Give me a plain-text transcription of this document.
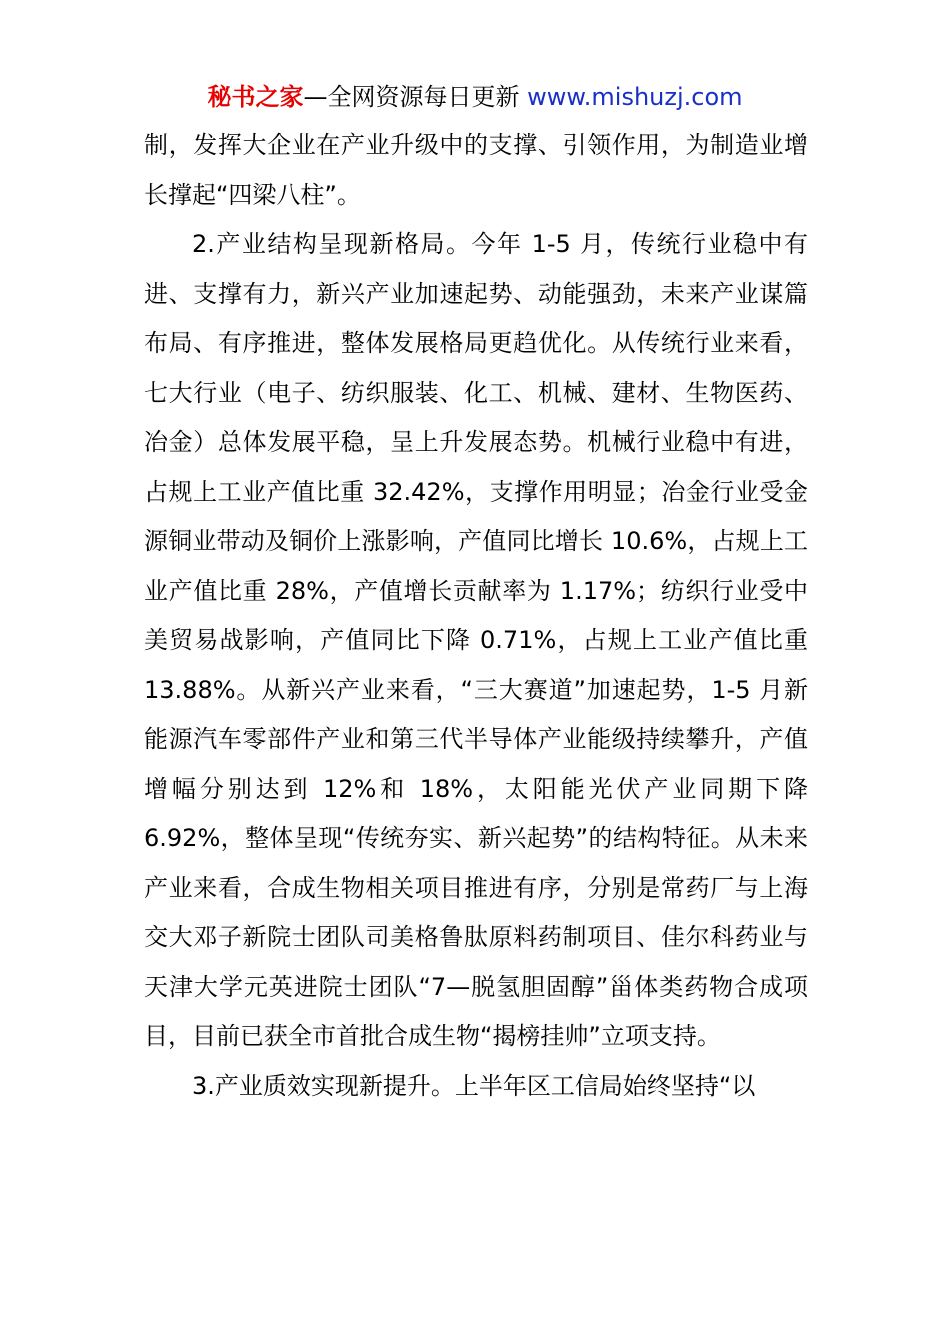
秘书之家—全网资源每日更新 www.mishuzj.com

制，发挥大企业在产业升级中的支撑、引领作用，为制造业增长撑起“四梁八柱”。

2.产业结构呈现新格局。今年 1-5 月，传统行业稳中有进、支撑有力，新兴产业加速起势、动能强劲，未来产业谋篇布局、有序推进，整体发展格局更趋优化。从传统行业来看，七大行业（电子、纺织服装、化工、机械、建材、生物医药、冶金）总体发展平稳，呈上升发展态势。机械行业稳中有进，占规上工业产值比重 32.42%，支撑作用明显；冶金行业受金源铜业带动及铜价上涨影响，产值同比增长 10.6%，占规上工业产值比重 28%，产值增长贡献率为 1.17%；纺织行业受中美贸易战影响，产值同比下降 0.71%，占规上工业产值比重 13.88%。从新兴产业来看，“三大赛道”加速起势，1-5 月新能源汽车零部件产业和第三代半导体产业能级持续攀升，产值增幅分别达到 12%和 18%，太阳能光伏产业同期下降 6.92%，整体呈现“传统夯实、新兴起势”的结构特征。从未来产业来看，合成生物相关项目推进有序，分别是常药厂与上海交大邓子新院士团队司美格鲁肽原料药制项目、佳尔科药业与天津大学元英进院士团队“7—脱氢胆固醇”甾体类药物合成项目，目前已获全市首批合成生物“揭榜挂帅”立项支持。

3.产业质效实现新提升。上半年区工信局始终坚持“以
